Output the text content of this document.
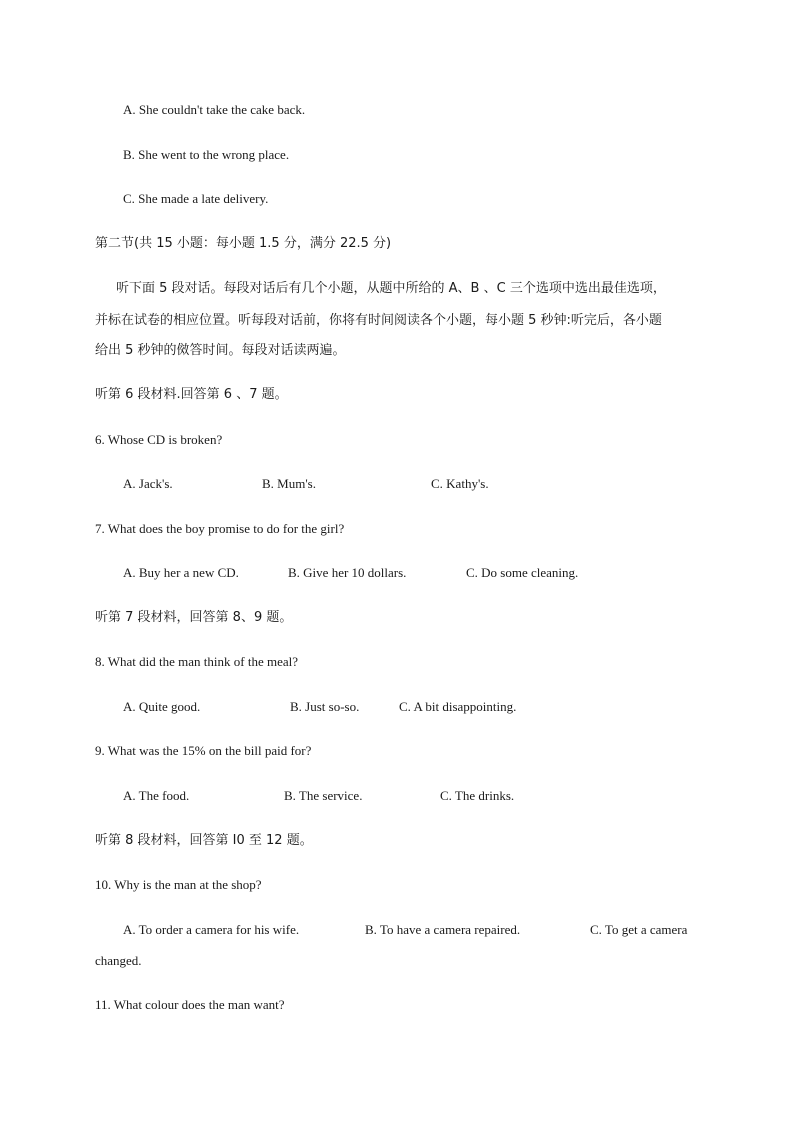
A. She couldn't take the cake back.
B. She went to the wrong place.
C. She made a late delivery.
第二节(共 15 小题：每小题 1.5 分，满分 22.5 分)
听下面 5 段对话。每段对话后有几个小题，从题中所给的 A、B 、C 三个选项中选出最佳选项，
并标在试卷的相应位置。听每段对话前，你将有时间阅读各个小题，每小题 5 秒钟:听完后，各小题
给出 5 秒钟的傚答时间。每段对话读两遍。
听第 6 段材料.回答第 6 、7 题。
6. Whose CD is broken?
A. Jack's.	B. Mum's.	C. Kathy's.
7. What does the boy promise to do for the girl?
A. Buy her a new CD.	B. Give her 10 dollars.	C. Do some cleaning.
听第 7 段材料，回答第 8、9 题。
8. What did the man think of the meal?
A. Quite good.	B. Just so-so.	C. A bit disappointing.
9. What was the 15% on the bill paid for?
A. The food.	B. The service.	C. The drinks.
听第 8 段材料，回答第 I0 至 12 题。
10. Why is the man at the shop?
A. To order a camera for his wife.	B. To have a camera repaired.	C. To get a camera
changed.
11. What colour does the man want?
